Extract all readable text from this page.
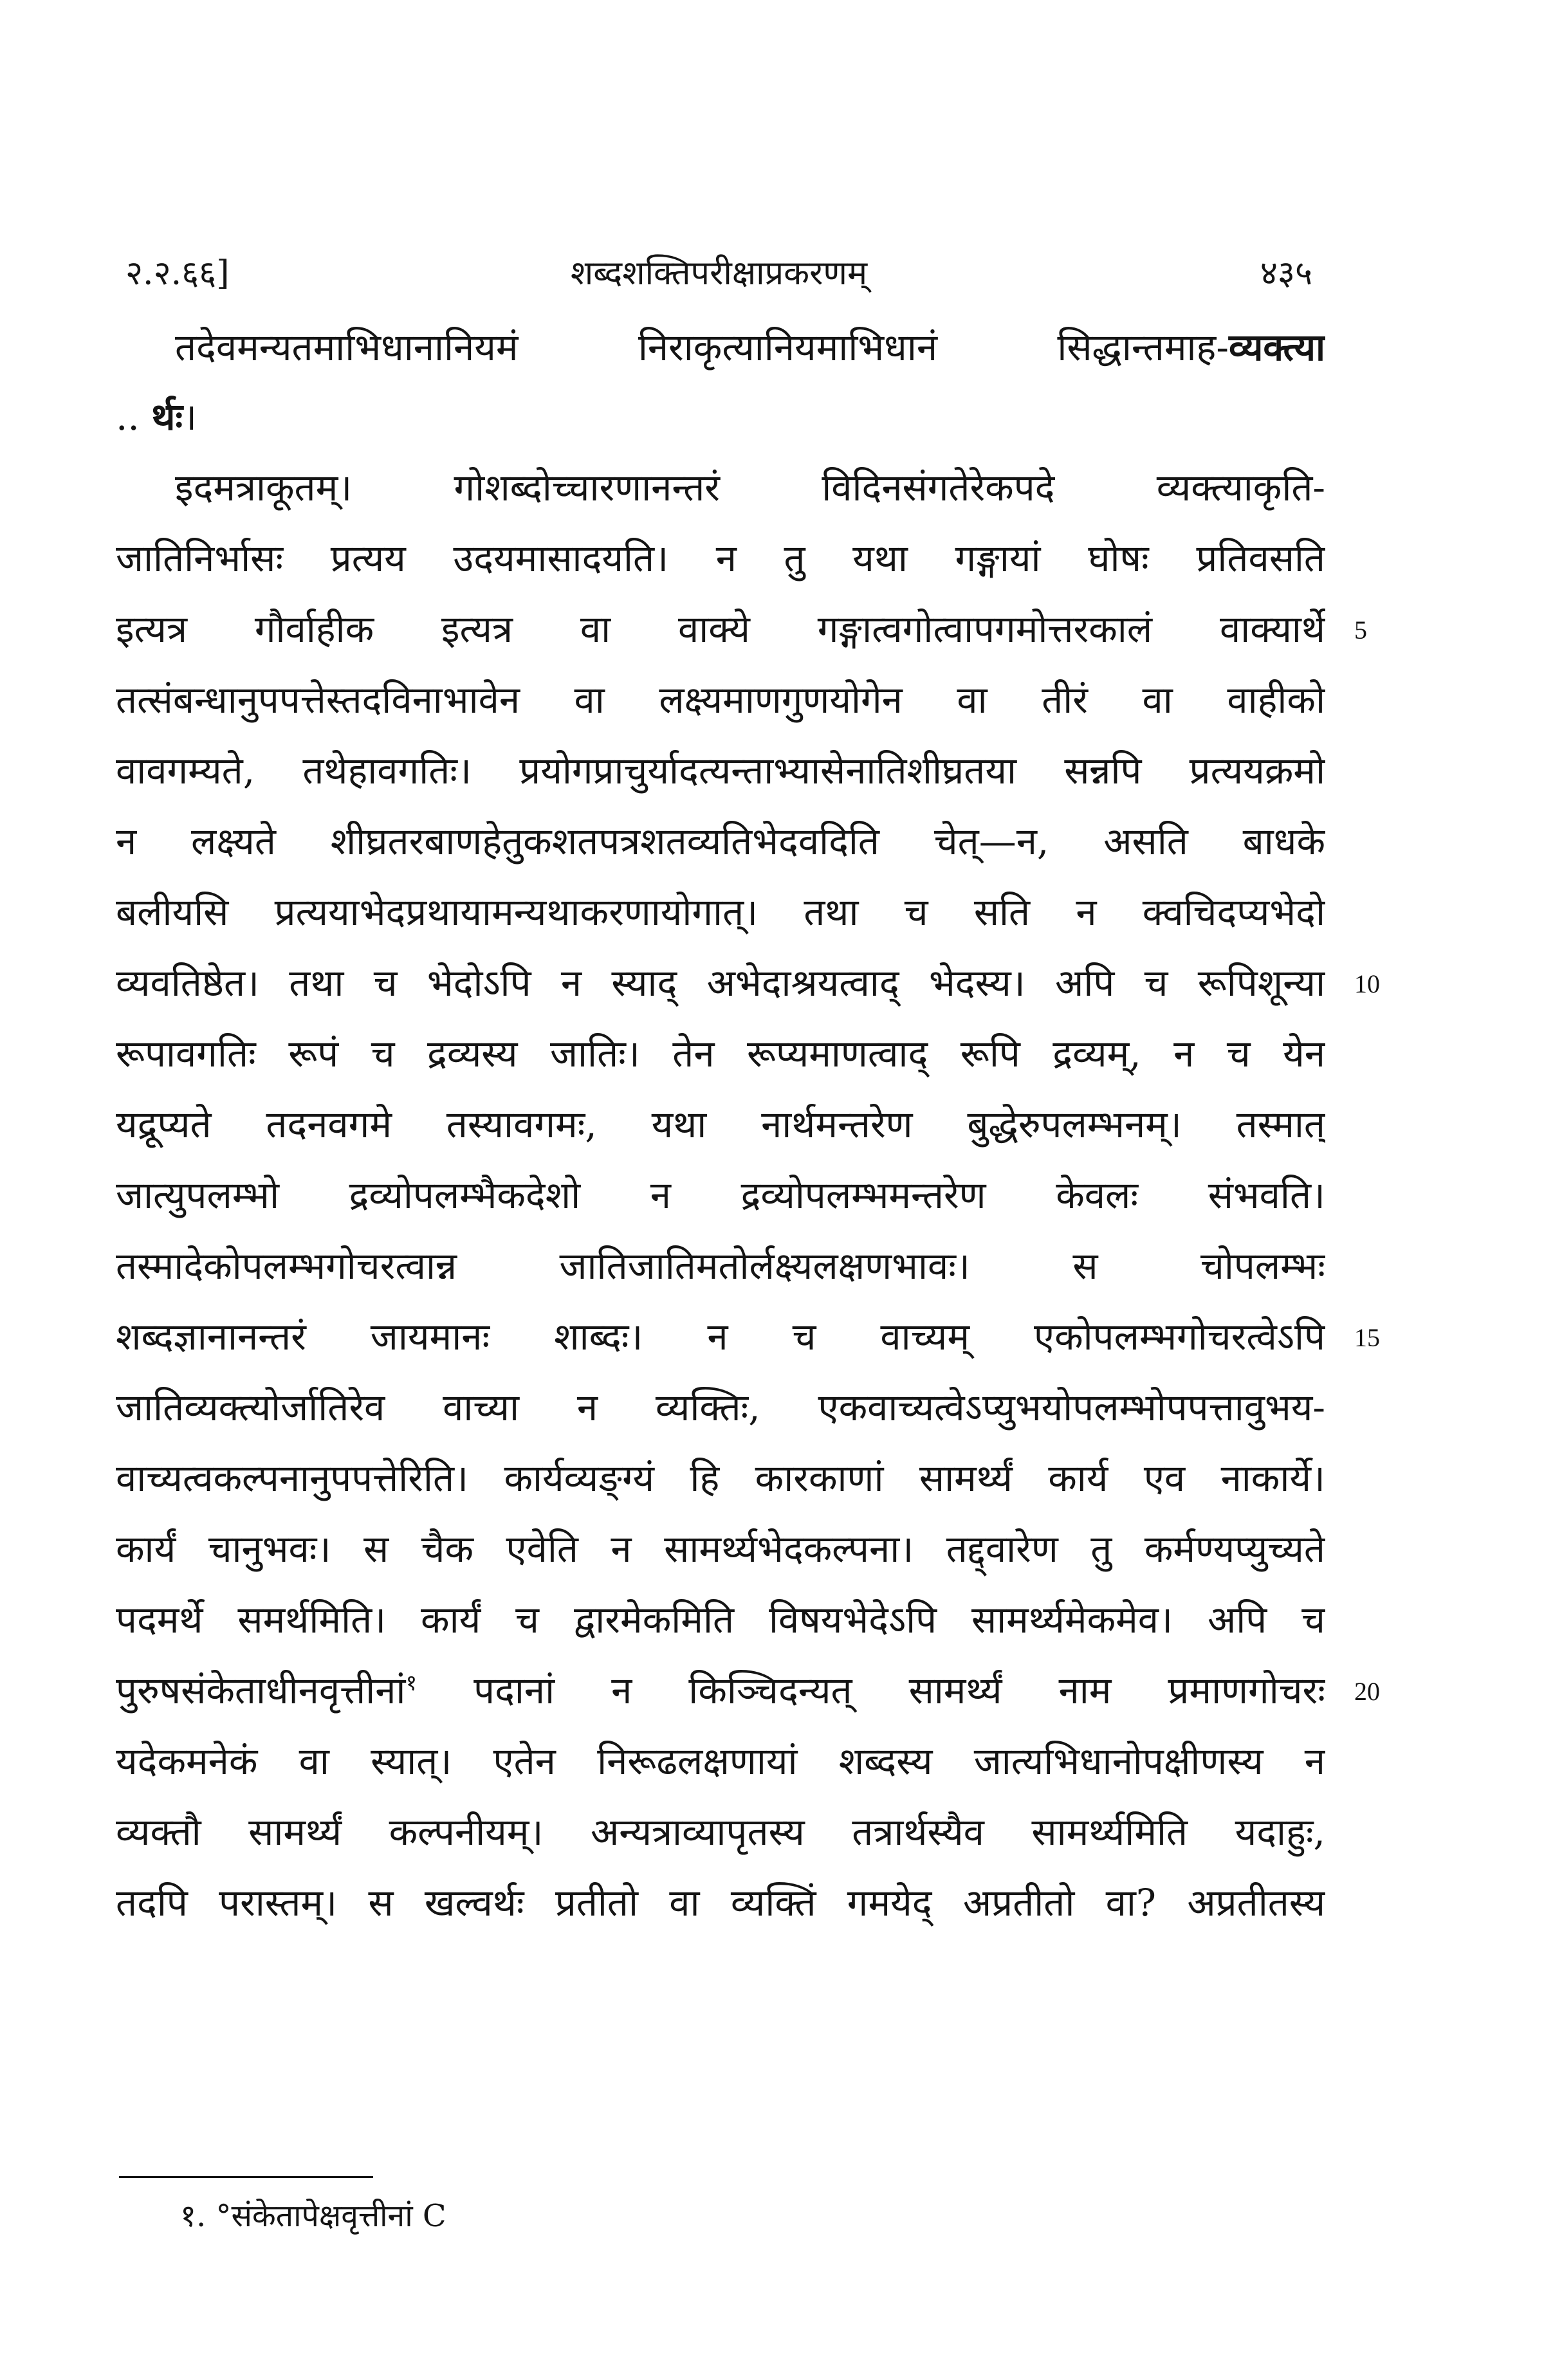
२.२.६६]	शब्दशक्तिपरीक्षाप्रकरणम्	४३५
तदेवमन्यतमाभिधानानियमं निराकृत्यानियमाभिधानं सिद्धान्तमाह-व्यक्त्या
.. र्थः।
इदमत्राकूतम्। गोशब्दोच्चारणानन्तरं विदिनसंगतेरेकपदे व्यक्त्याकृति-
जातिनिर्भासः प्रत्यय उदयमासादयति। न तु यथा गङ्गायां घोषः प्रतिवसति
इत्यत्र गौर्वाहीक इत्यत्र वा वाक्ये गङ्गात्वगोत्वापगमोत्तरकालं वाक्यार्थे
तत्संबन्धानुपपत्तेस्तदविनाभावेन वा लक्ष्यमाणगुणयोगेन वा तीरं वा वाहीको
वावगम्यते, तथेहावगतिः। प्रयोगप्राचुर्यादत्यन्ताभ्यासेनातिशीघ्रतया सन्नपि प्रत्ययक्रमो
न लक्ष्यते शीघ्रतरबाणहेतुकशतपत्रशतव्यतिभेदवदिति चेत्—न, असति बाधके
बलीयसि प्रत्ययाभेदप्रथायामन्यथाकरणायोगात्। तथा च सति न क्वचिदप्यभेदो
व्यवतिष्ठेत। तथा च भेदोऽपि न स्याद् अभेदाश्रयत्वाद् भेदस्य। अपि च रूपिशून्या
रूपावगतिः रूपं च द्रव्यस्य जातिः। तेन रूप्यमाणत्वाद् रूपि द्रव्यम्, न च येन
यद्रूप्यते तदनवगमे तस्यावगमः, यथा नार्थमन्तरेण बुद्धेरुपलम्भनम्। तस्मात्
जात्युपलम्भो द्रव्योपलम्भैकदेशो न द्रव्योपलम्भमन्तरेण केवलः संभवति।
तस्मादेकोपलम्भगोचरत्वान्न जातिजातिमतोर्लक्ष्यलक्षणभावः। स चोपलम्भः
शब्दज्ञानानन्तरं जायमानः शाब्दः। न च वाच्यम् एकोपलम्भगोचरत्वेऽपि
जातिव्यक्त्योर्जातिरेव वाच्या न व्यक्तिः, एकवाच्यत्वेऽप्युभयोपलम्भोपपत्तावुभय-
वाच्यत्वकल्पनानुपपत्तेरिति। कार्यव्यङ्ग्यं हि कारकाणां सामर्थ्यं कार्य एव नाकार्ये।
कार्यं चानुभवः। स चैक एवेति न सामर्थ्यभेदकल्पना। तद्द्वारेण तु कर्मण्यप्युच्यते
पदमर्थे समर्थमिति। कार्यं च द्वारमेकमिति विषयभेदेऽपि सामर्थ्यमेकमेव। अपि च
पुरुषसंकेताधीनवृत्तीनां$^१$ पदानां न किञ्चिदन्यत् सामर्थ्यं नाम प्रमाणगोचरः
यदेकमनेकं वा स्यात्। एतेन निरूढलक्षणायां शब्दस्य जात्यभिधानोपक्षीणस्य न
व्यक्तौ सामर्थ्यं कल्पनीयम्। अन्यत्राव्यापृतस्य तत्रार्थस्यैव सामर्थ्यमिति यदाहुः,
तदपि परास्तम्। स खल्वर्थः प्रतीतो वा व्यक्तिं गमयेद् अप्रतीतो वा? अप्रतीतस्य
5
10
15
20
१. °संकेतापेक्षवृत्तीनां C
